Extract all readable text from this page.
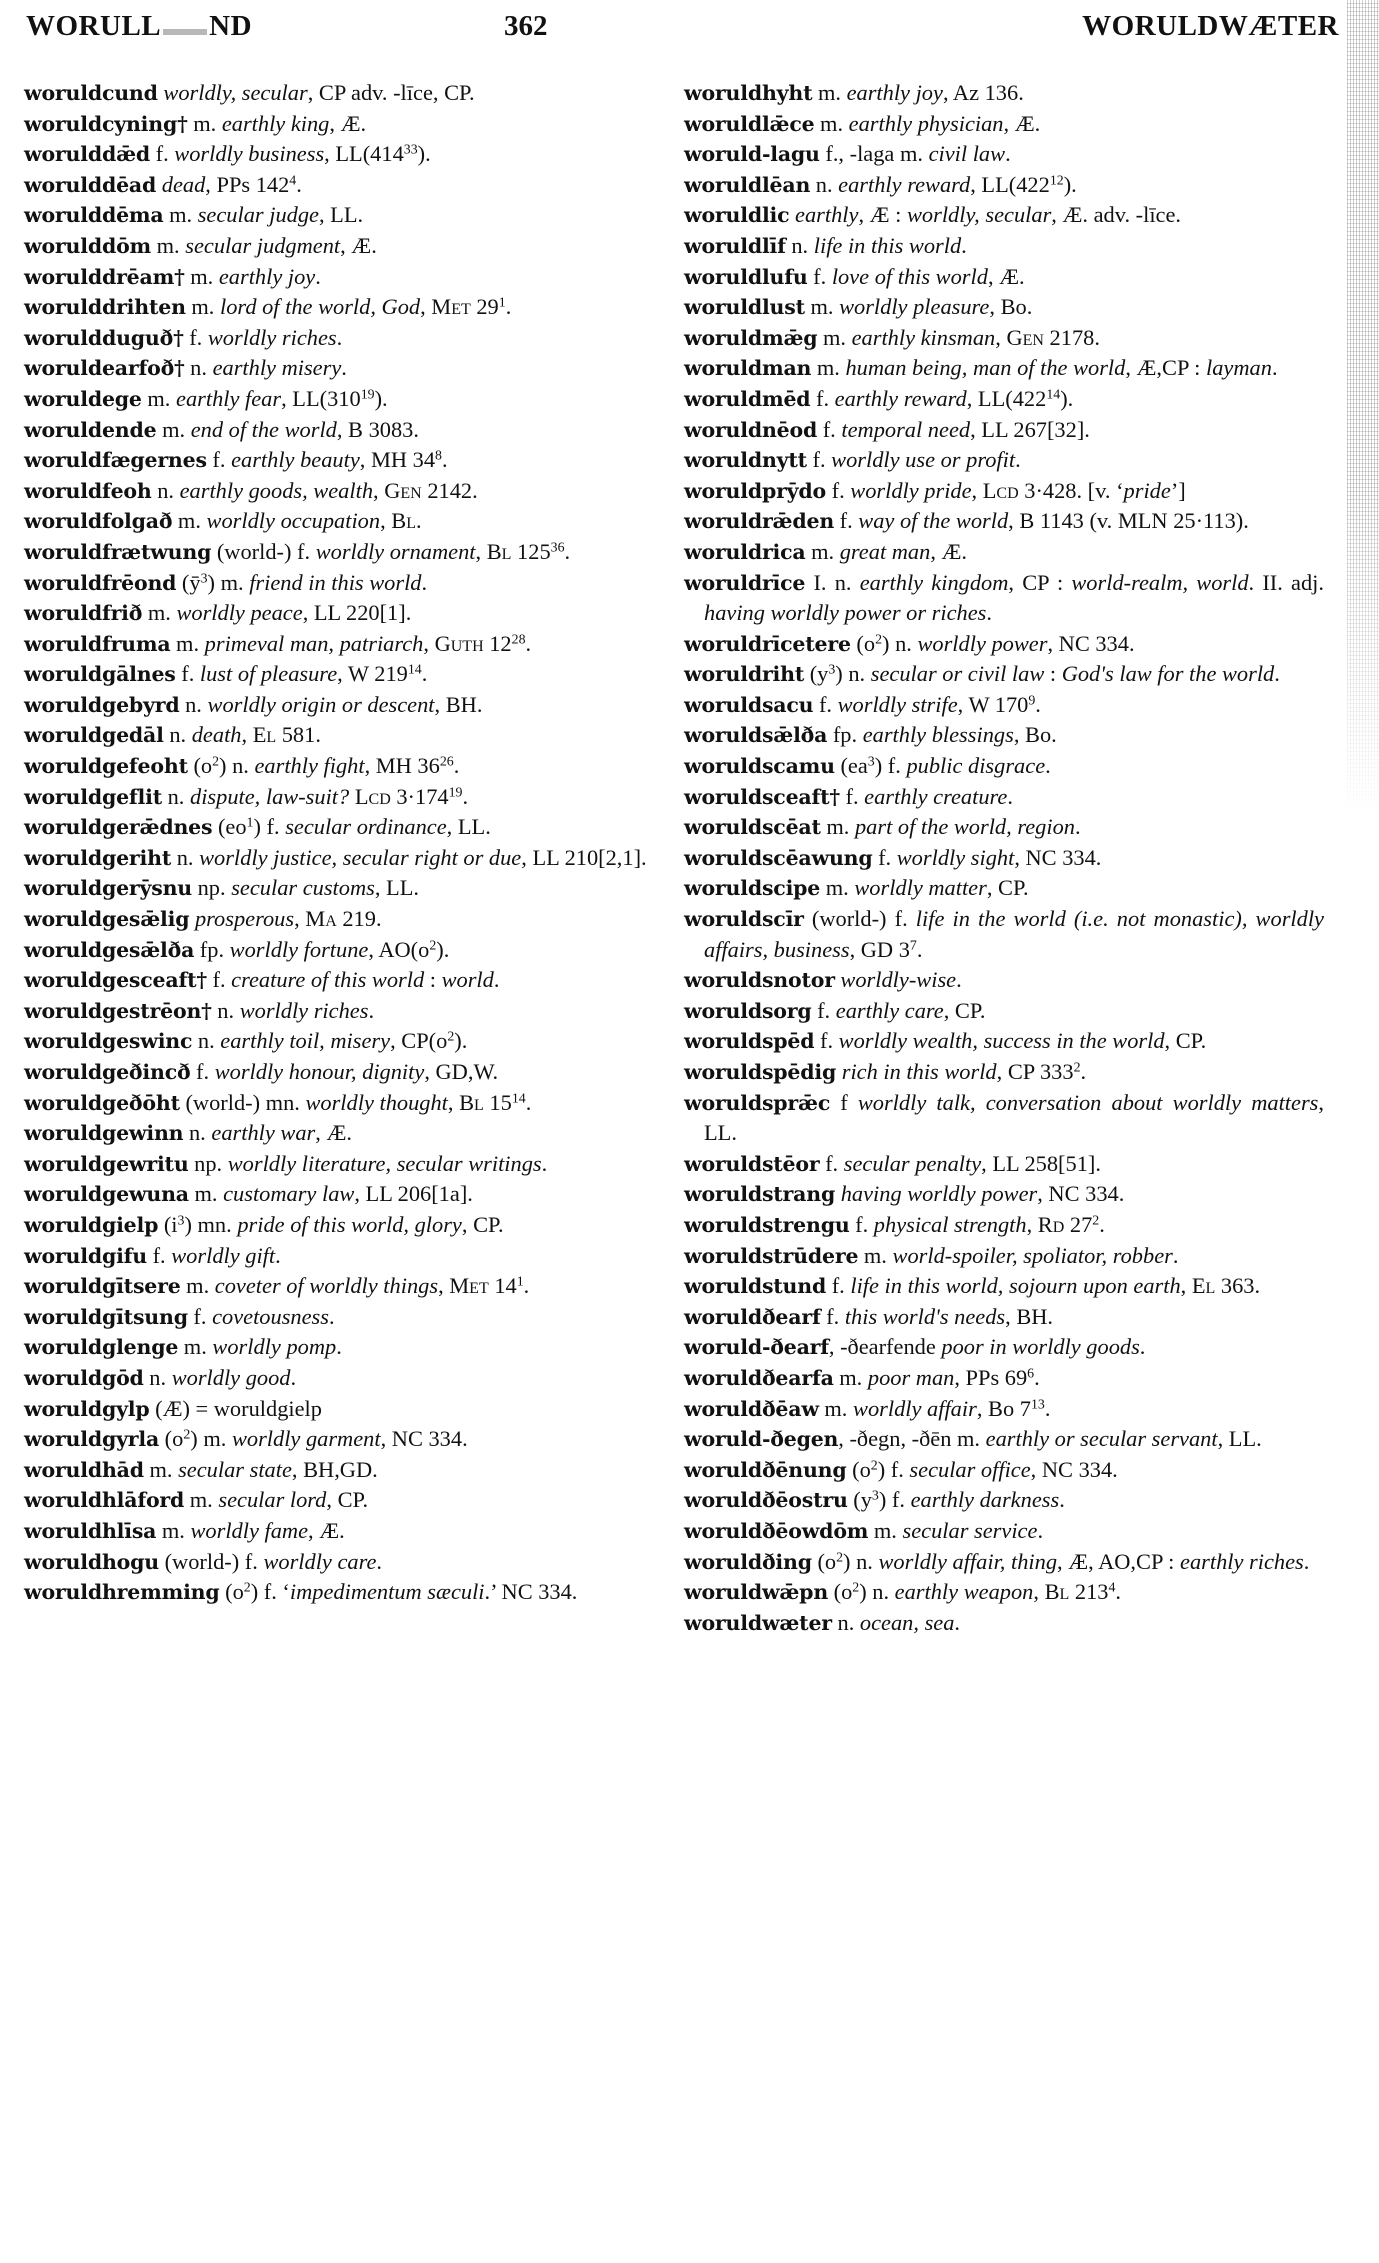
WORULL ND	362	WORULDWÆTER
woruldcund worldly, secular, CP adv. -līce, CP.
woruldcyning† m. earthly king, Æ.
worulddǣd f. worldly business, $LL(414^{33})$.
worulddēad dead, PPs $142^4$.
worulddēma m. secular judge, LL.
worulddōm m. secular judgment, Æ.
worulddrēam† m. earthly joy.
worulddrihten m. lord of the world, God, Met $29^1$.
woruldduguð† f. worldly riches.
woruldearfoð† n. earthly misery.
woruldege m. earthly fear, $LL(310^{19})$.
woruldende m. end of the world, B 3083.
woruldfægernes f. earthly beauty, MH $34^8$.
woruldfeoh n. earthly goods, wealth, Gen 2142.
woruldfolgað m. worldly occupation, Bl.
woruldfrætwung (world-) f. worldly ornament, Bl $125^{36}$.
woruldfrēond $(ȳ^3)$ m. friend in this world.
woruldfrið m. worldly peace, LL 220[1].
woruldfruma m. primeval man, patriarch, Guth $12^{28}$.
woruldgālnes f. lust of pleasure, W $219^{14}$.
woruldgebyrd n. worldly origin or descent, BH.
woruldgedāl n. death, El 581.
woruldgefeoht $(o^2)$ n. earthly fight, MH $36^{26}$.
woruldgeflit n. dispute, law-suit? Lcd $3\cdot 174^{19}$.
woruldgerǣdnes $(eo^1)$ f. secular ordinance, LL.
woruldgeriht n. worldly justice, secular right or due, LL 210[2,1].
woruldgerȳsnu np. secular customs, LL.
woruldgesǣlig prosperous, Ma 219.
woruldgesǣlða fp. worldly fortune, $AO(o^2)$.
woruldgesceaft† f. creature of this world : world.
woruldgestrēon† n. worldly riches.
woruldgeswinc n. earthly toil, misery, $CP(o^2)$.
woruldgeðincð f. worldly honour, dignity, GD,W.
woruldgeðōht (world-) mn. worldly thought, Bl $15^{14}$.
woruldgewinn n. earthly war, Æ.
woruldgewritu np. worldly literature, secular writings.
woruldgewuna m. customary law, LL 206[1a].
woruldgielp $(i^3)$ mn. pride of this world, glory, CP.
woruldgifu f. worldly gift.
woruldgītsere m. coveter of worldly things, Met $14^1$.
woruldgītsung f. covetousness.
woruldglenge m. worldly pomp.
woruldgōd n. worldly good.
woruldgylp (Æ) = woruldgielp
woruldgyrla $(o^2)$ m. worldly garment, NC 334.
woruldhād m. secular state, BH,GD.
woruldhlāford m. secular lord, CP.
woruldhlīsa m. worldly fame, Æ.
woruldhogu (world-) f. worldly care.
woruldhremming $(o^2)$ f. ‘impedimentum sæculi.’ NC 334.
woruldhyht m. earthly joy, Az 136.
woruldlǣce m. earthly physician, Æ.
woruld-lagu f., -laga m. civil law.
woruldlēan n. earthly reward, $LL(422^{12})$.
woruldlic earthly, Æ : worldly, secular, Æ. adv. -līce.
woruldlīf n. life in this world.
woruldlufu f. love of this world, Æ.
woruldlust m. worldly pleasure, Bo.
woruldmǣg m. earthly kinsman, Gen 2178.
woruldman m. human being, man of the world, Æ,CP : layman.
woruldmēd f. earthly reward, $LL(422^{14})$.
woruldnēod f. temporal need, LL 267[32].
woruldnytt f. worldly use or profit.
woruldprȳdo f. worldly pride, Lcd 3·428. [v. ‘pride’]
woruldrǣden f. way of the world, B 1143 (v. MLN 25·113).
woruldrica m. great man, Æ.
woruldrīce I. n. earthly kingdom, CP : world-realm, world. II. adj. having worldly power or riches.
woruldrīcetere $(o^2)$ n. worldly power, NC 334.
woruldriht $(y^3)$ n. secular or civil law : God's law for the world.
woruldsacu f. worldly strife, W $170^9$.
woruldsǣlða fp. earthly blessings, Bo.
woruldscamu $(ea^3)$ f. public disgrace.
woruldsceaft† f. earthly creature.
woruldscēat m. part of the world, region.
woruldscēawung f. worldly sight, NC 334.
woruldscipe m. worldly matter, CP.
woruldscīr (world-) f. life in the world (i.e. not monastic), worldly affairs, business, GD $3^7$.
woruldsnotor worldly-wise.
woruldsorg f. earthly care, CP.
woruldspēd f. worldly wealth, success in the world, CP.
woruldspēdig rich in this world, CP $333^2$.
woruldsprǣc f worldly talk, conversation about worldly matters, LL.
woruldstēor f. secular penalty, LL 258[51].
woruldstrang having worldly power, NC 334.
woruldstrengu f. physical strength, Rd $27^2$.
woruldstrūdere m. world-spoiler, spoliator, robber.
woruldstund f. life in this world, sojourn upon earth, El 363.
woruldðearf f. this world's needs, BH.
woruld-ðearf, -ðearfende poor in worldly goods.
woruldðearfa m. poor man, PPs $69^6$.
woruldðēaw m. worldly affair, Bo $7^{13}$.
woruld-ðegen, -ðegn, -ðēn m. earthly or secular servant, LL.
woruldðēnung $(o^2)$ f. secular office, NC 334.
woruldðēostru $(y^3)$ f. earthly darkness.
woruldðēowdōm m. secular service.
woruldðing $(o^2)$ n. worldly affair, thing, Æ, AO,CP : earthly riches.
woruldwǣpn $(o^2)$ n. earthly weapon, Bl $213^4$.
woruldwæter n. ocean, sea.
